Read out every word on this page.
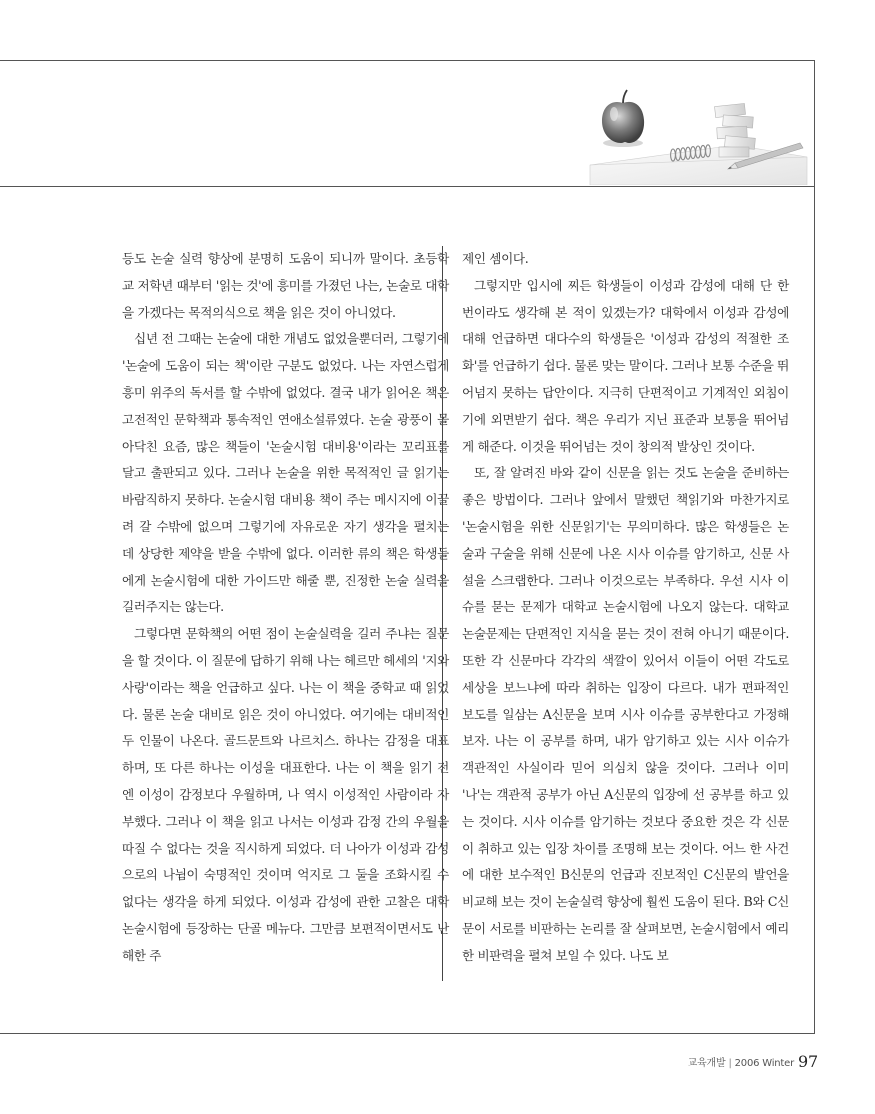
등도 논술 실력 향상에 분명히 도움이 되니까 말이다. 초등학교 저학년 때부터 '읽는 것'에 흥미를 가졌던 나는, 논술로 대학을 가겠다는 목적의식으로 책을 읽은 것이 아니었다.

십년 전 그때는 논술에 대한 개념도 없었을뿐더러, 그렇기에 '논술에 도움이 되는 책'이란 구분도 없었다. 나는 자연스럽게 흥미 위주의 독서를 할 수밖에 없었다. 결국 내가 읽어온 책은 고전적인 문학책과 통속적인 연애소설류였다. 논술 광풍이 몰아닥친 요즘, 많은 책들이 '논술시험 대비용'이라는 꼬리표를 달고 출판되고 있다. 그러나 논술을 위한 목적적인 글 읽기는 바람직하지 못하다. 논술시험 대비용 책이 주는 메시지에 이끌려 갈 수밖에 없으며 그렇기에 자유로운 자기 생각을 펼치는 데 상당한 제약을 받을 수밖에 없다. 이러한 류의 책은 학생들에게 논술시험에 대한 가이드만 해줄 뿐, 진정한 논술 실력을 길러주지는 않는다.

그렇다면 문학책의 어떤 점이 논술실력을 길러 주냐는 질문을 할 것이다. 이 질문에 답하기 위해 나는 헤르만 헤세의 '지와 사랑'이라는 책을 언급하고 싶다. 나는 이 책을 중학교 때 읽었다. 물론 논술 대비로 읽은 것이 아니었다. 여기에는 대비적인 두 인물이 나온다. 골드문트와 나르치스. 하나는 감정을 대표하며, 또 다른 하나는 이성을 대표한다. 나는 이 책을 읽기 전엔 이성이 감정보다 우월하며, 나 역시 이성적인 사람이라 자부했다. 그러나 이 책을 읽고 나서는 이성과 감정 간의 우월을 따질 수 없다는 것을 직시하게 되었다. 더 나아가 이성과 감성으로의 나뉨이 숙명적인 것이며 억지로 그 둘을 조화시킬 수 없다는 생각을 하게 되었다. 이성과 감성에 관한 고찰은 대학 논술시험에 등장하는 단골 메뉴다. 그만큼 보편적이면서도 난해한 주

제인 셈이다.

그렇지만 입시에 찌든 학생들이 이성과 감성에 대해 단 한 번이라도 생각해 본 적이 있겠는가? 대학에서 이성과 감성에 대해 언급하면 대다수의 학생들은 '이성과 감성의 적절한 조화'를 언급하기 쉽다. 물론 맞는 말이다. 그러나 보통 수준을 뛰어넘지 못하는 답안이다. 지극히 단편적이고 기계적인 외침이기에 외면받기 쉽다. 책은 우리가 지닌 표준과 보통을 뛰어넘게 해준다. 이것을 뛰어넘는 것이 창의적 발상인 것이다.

또, 잘 알려진 바와 같이 신문을 읽는 것도 논술을 준비하는 좋은 방법이다. 그러나 앞에서 말했던 책읽기와 마찬가지로 '논술시험을 위한 신문읽기'는 무의미하다. 많은 학생들은 논술과 구술을 위해 신문에 나온 시사 이슈를 암기하고, 신문 사설을 스크랩한다. 그러나 이것으로는 부족하다. 우선 시사 이슈를 묻는 문제가 대학교 논술시험에 나오지 않는다. 대학교 논술문제는 단편적인 지식을 묻는 것이 전혀 아니기 때문이다. 또한 각 신문마다 각각의 색깔이 있어서 이들이 어떤 각도로 세상을 보느냐에 따라 취하는 입장이 다르다. 내가 편파적인 보도를 일삼는 A신문을 보며 시사 이슈를 공부한다고 가정해 보자. 나는 이 공부를 하며, 내가 암기하고 있는 시사 이슈가 객관적인 사실이라 믿어 의심치 않을 것이다. 그러나 이미 '나'는 객관적 공부가 아닌 A신문의 입장에 선 공부를 하고 있는 것이다. 시사 이슈를 암기하는 것보다 중요한 것은 각 신문이 취하고 있는 입장 차이를 조명해 보는 것이다. 어느 한 사건에 대한 보수적인 B신문의 언급과 진보적인 C신문의 발언을 비교해 보는 것이 논술실력 향상에 훨씬 도움이 된다. B와 C신문이 서로를 비판하는 논리를 잘 살펴보면, 논술시험에서 예리한 비판력을 펼쳐 보일 수 있다. 나도 보

교육개발 | 2006 Winter 97
